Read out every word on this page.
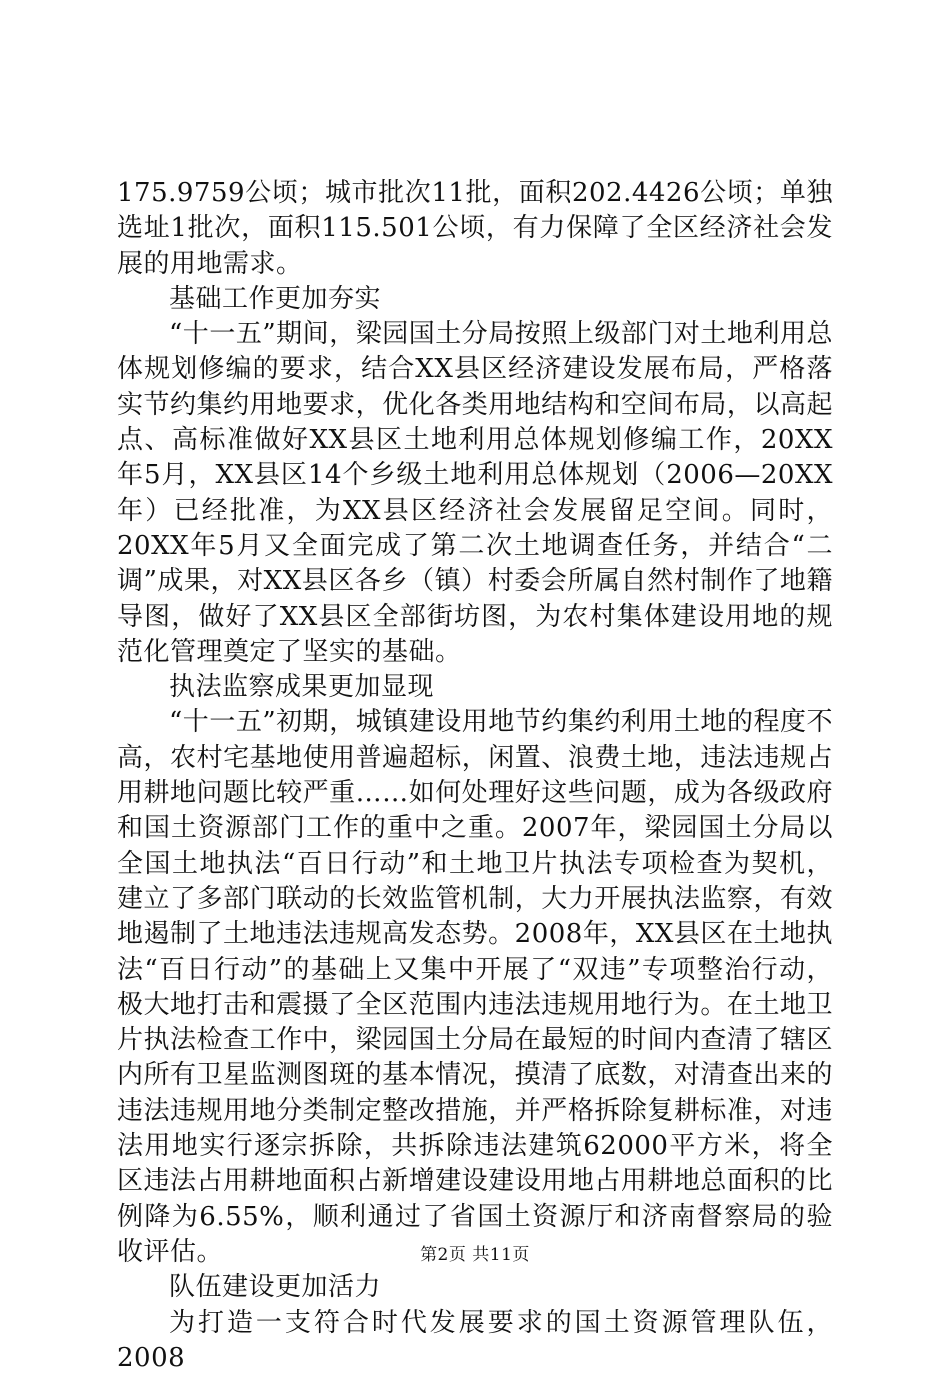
175.9759公顷；城市批次11批，面积202.4426公顷；单独选址1批次，面积115.501公顷，有力保障了全区经济社会发展的用地需求。

基础工作更加夯实

“十一五”期间，梁园国土分局按照上级部门对土地利用总体规划修编的要求，结合XX县区经济建设发展布局，严格落实节约集约用地要求，优化各类用地结构和空间布局，以高起点、高标准做好XX县区土地利用总体规划修编工作，20XX年5月，XX县区14个乡级土地利用总体规划（2006—20XX年）已经批准，为XX县区经济社会发展留足空间。同时，20XX年5月又全面完成了第二次土地调查任务，并结合“二调”成果，对XX县区各乡（镇）村委会所属自然村制作了地籍导图，做好了XX县区全部街坊图，为农村集体建设用地的规范化管理奠定了坚实的基础。

执法监察成果更加显现

“十一五”初期，城镇建设用地节约集约利用土地的程度不高，农村宅基地使用普遍超标，闲置、浪费土地，违法违规占用耕地问题比较严重……如何处理好这些问题，成为各级政府和国土资源部门工作的重中之重。2007年，梁园国土分局以全国土地执法“百日行动”和土地卫片执法专项检查为契机，建立了多部门联动的长效监管机制，大力开展执法监察，有效地遏制了土地违法违规高发态势。2008年，XX县区在土地执法“百日行动”的基础上又集中开展了“双违”专项整治行动，极大地打击和震摄了全区范围内违法违规用地行为。在土地卫片执法检查工作中，梁园国土分局在最短的时间内查清了辖区内所有卫星监测图斑的基本情况，摸清了底数，对清查出来的违法违规用地分类制定整改措施，并严格拆除复耕标准，对违法用地实行逐宗拆除，共拆除违法建筑62000平方米，将全区违法占用耕地面积占新增建设建设用地占用耕地总面积的比例降为6.55%，顺利通过了省国土资源厅和济南督察局的验收评估。

队伍建设更加活力

为打造一支符合时代发展要求的国土资源管理队伍，2008

第2页 共11页
